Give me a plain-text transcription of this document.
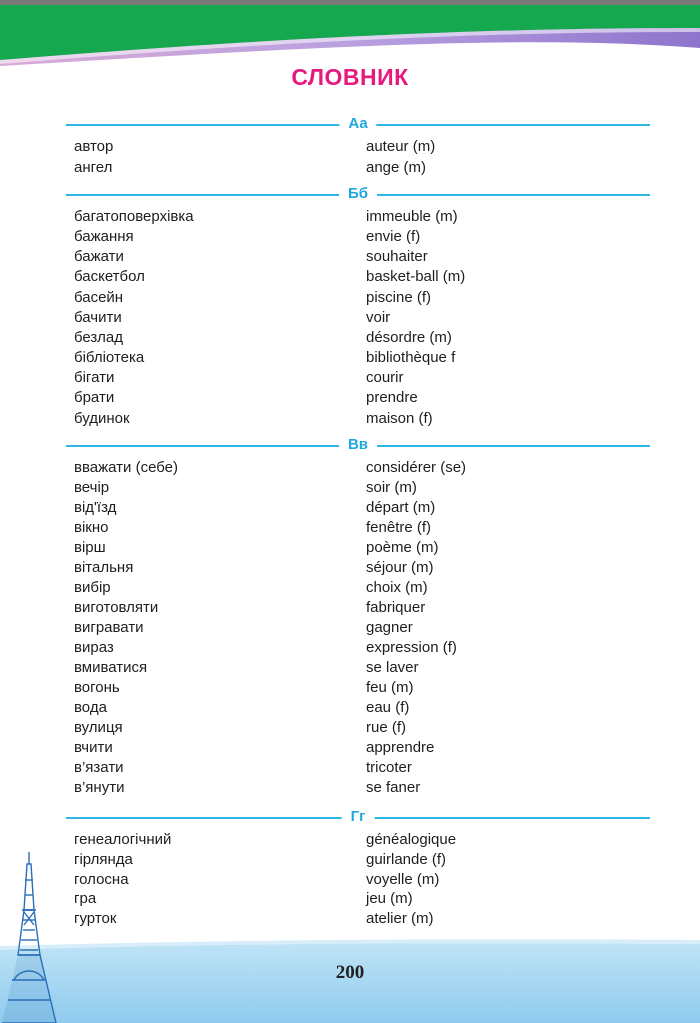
СЛОВНИК
Аа
автор	auteur (m)
ангел	ange (m)
Бб
багатоповерхівка	immeuble (m)
бажання	envie (f)
бажати	souhaiter
баскетбол	basket-ball (m)
басейн	piscine (f)
бачити	voir
безлад	désordre (m)
бібліотека	bibliothèque f
бігати	courir
брати	prendre
будинок	maison (f)
Вв
вважати (себе)	considérer (se)
вечір	soir (m)
від'їзд	départ (m)
вікно	fenêtre (f)
вірш	poème (m)
вітальня	séjour (m)
вибір	choix (m)
виготовляти	fabriquer
вигравати	gagner
вираз	expression (f)
вмиватися	se laver
вогонь	feu (m)
вода	eau (f)
вулиця	rue (f)
вчити	apprendre
в’язати	tricoter
в’янути	se faner
Гг
генеалогічний	généalogique
гірлянда	guirlande (f)
голосна	voyelle (m)
гра	jeu (m)
гурток	atelier (m)
200
